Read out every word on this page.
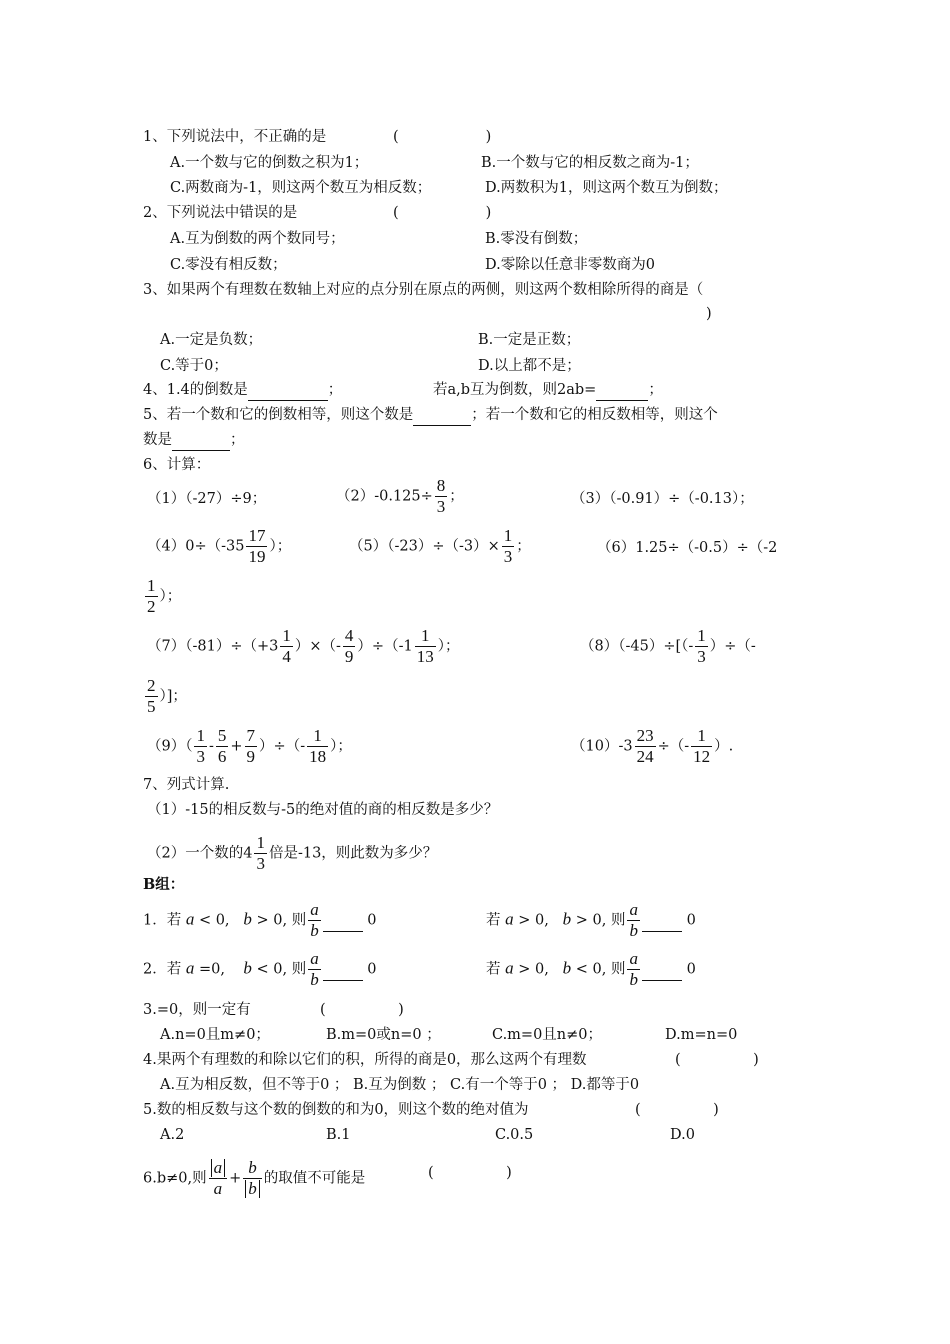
1、下列说法中，不正确的是	(　　　　　　)
A.一个数与它的倒数之积为1；	B.一个数与它的相反数之商为-1；
C.两数商为-1，则这两个数互为相反数；	D.两数积为1，则这两个数互为倒数；
2、下列说法中错误的是	(　　　　　　)
A.互为倒数的两个数同号；	B.零没有倒数；
C.零没有相反数；	D.零除以任意非零数商为0
3、如果两个有理数在数轴上对应的点分别在原点的两侧，则这两个数相除所得的商是（
)
A.一定是负数；	B.一定是正数；
C.等于0；	D.以上都不是；
4、1.4的倒数是	；	若a,b互为倒数，则2ab=	；
5、若一个数和它的倒数相等，则这个数是	；若一个数和它的相反数相等，则这个
数是	；
6、计算：
（1）（-27）÷9；	$(2)-0.125\div \frac{8}{3}$ ；	（3）（-0.91）÷（-0.13）；
$(4)0\div(-35 \frac{17}{19}$ ）；	$(5)(-23)\div(-3)\times \frac{1}{3}$ ；	（6）1.25÷（-0.5）÷（-2
$\frac{1}{2}$ ）；
$(7)(-81)\div(+3 \frac{1}{4}$ ）×（- $\frac{4}{9} )\div(-1 \frac{1}{13}$ ）；	$(8)(-45)\div[(- \frac{1}{3}$ ）÷（-
$\frac{2}{5}$ ）]；
$(9)( \frac{1}{3} - \frac{5}{6} + \frac{7}{9}$ ）÷（- $\frac{1}{18}$ ）；	$(10)-3 \frac{23}{24}$ ÷（- $\frac{1}{12}$ ）.
7、列式计算.
（1）-15的相反数与-5的绝对值的商的相反数是多少？
（2）一个数的$4 \frac{1}{3}$ 倍是-13，则此数为多少？
B组：
1．若 a < 0, b > 0, 则 $\frac{a}{b}$	0	若 a > 0, b > 0, 则 $\frac{a}{b}$	0
2．若 a =0, b < 0, 则 $\frac{a}{b}$	0	若 a > 0, b < 0, 则 $\frac{a}{b}$	0
3.=0，则一定有	(　　　　　)
A.n=0且m≠0；	B.m=0或n=0 ；	C.m=0且n≠0；	D.m=n=0
4.果两个有理数的和除以它们的积，所得的商是0，那么这两个有理数	(　　　　　)
A.互为相反数，但不等于0 ； B.互为倒数 ； C.有一个等于0 ； D.都等于0
5.数的相反数与这个数的倒数的和为0，则这个数的绝对值为	(　　　　　)
A.2	B.1	C.0.5	D.0
6.b≠0,则 $\frac{a}{a} + \frac{b}{b}$ 的取值不可能是	(　　　　　)
